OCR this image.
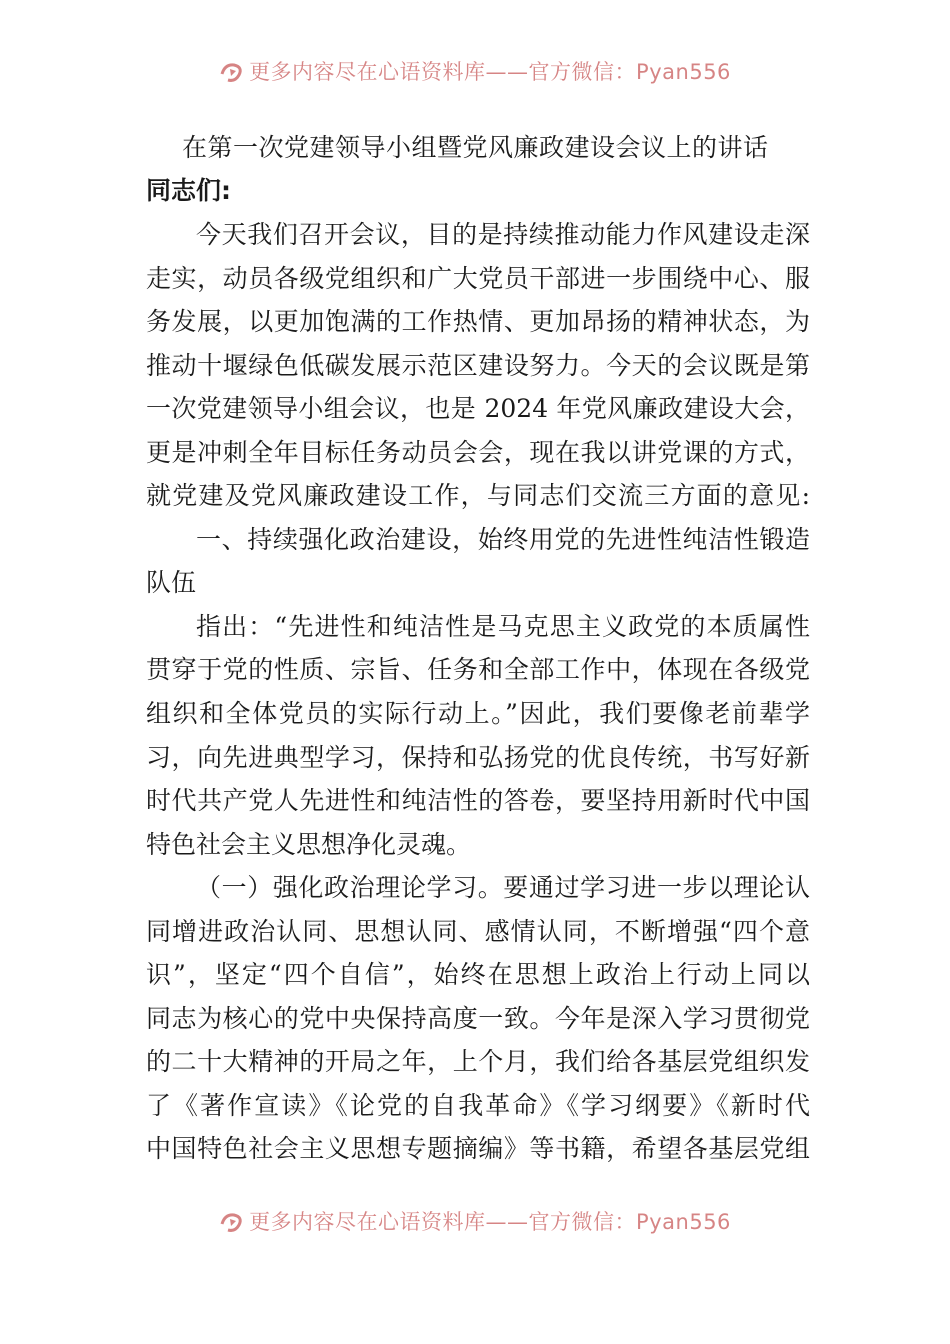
更多内容尽在心语资料库——官方微信：Pyan556
在第一次党建领导小组暨党风廉政建设会议上的讲话
同志们:
今天我们召开会议，目的是持续推动能力作风建设走深
走实，动员各级党组织和广大党员干部进一步围绕中心、服
务发展，以更加饱满的工作热情、更加昂扬的精神状态，为
推动十堰绿色低碳发展示范区建设努力。今天的会议既是第
一次党建领导小组会议，也是 2024 年党风廉政建设大会，
更是冲刺全年目标任务动员会会，现在我以讲党课的方式，
就党建及党风廉政建设工作，与同志们交流三方面的意见:
一、持续强化政治建设，始终用党的先进性纯洁性锻造
队伍
指出：“先进性和纯洁性是马克思主义政党的本质属性
贯穿于党的性质、宗旨、任务和全部工作中，体现在各级党
组织和全体党员的实际行动上。”因此，我们要像老前辈学
习，向先进典型学习，保持和弘扬党的优良传统，书写好新
时代共产党人先进性和纯洁性的答卷，要坚持用新时代中国
特色社会主义思想净化灵魂。
（一）强化政治理论学习。要通过学习进一步以理论认
同增进政治认同、思想认同、感情认同，不断增强“四个意
识”，坚定“四个自信”，始终在思想上政治上行动上同以
同志为核心的党中央保持高度一致。今年是深入学习贯彻党
的二十大精神的开局之年，上个月，我们给各基层党组织发
了《著作宣读》《论党的自我革命》《学习纲要》《新时代
中国特色社会主义思想专题摘编》等书籍，希望各基层党组
更多内容尽在心语资料库——官方微信：Pyan556
